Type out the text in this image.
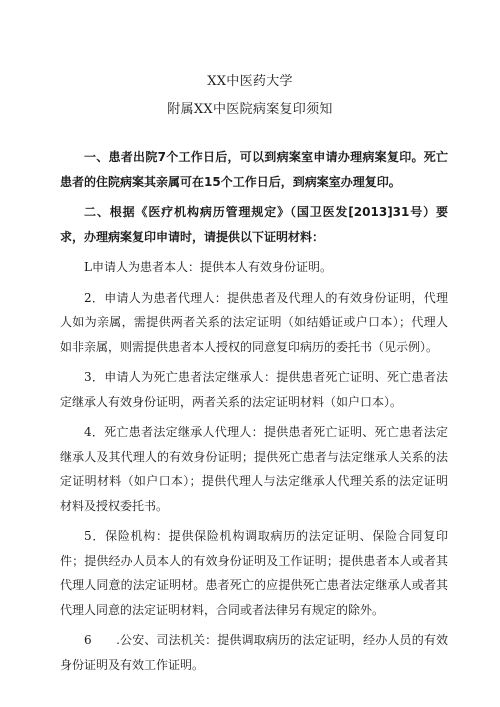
XX中医药大学
附属XX中医院病案复印须知

一、患者出院7个工作日后，可以到病案室申请办理病案复印。死亡患者的住院病案其亲属可在15个工作日后，到病案室办理复印。

二、根据《医疗机构病历管理规定》（国卫医发[2013]31号）要求，办理病案复印申请时，请提供以下证明材料：

L申请人为患者本人：提供本人有效身份证明。

2．申请人为患者代理人：提供患者及代理人的有效身份证明，代理人如为亲属，需提供两者关系的法定证明（如结婚证或户口本）；代理人如非亲属，则需提供患者本人授权的同意复印病历的委托书（见示例）。

3．申请人为死亡患者法定继承人：提供患者死亡证明、死亡患者法定继承人有效身份证明，两者关系的法定证明材料（如户口本）。

4．死亡患者法定继承人代理人：提供患者死亡证明、死亡患者法定继承人及其代理人的有效身份证明；提供死亡患者与法定继承人关系的法定证明材料（如户口本）；提供代理人与法定继承人代理关系的法定证明材料及授权委托书。

5．保险机构：提供保险机构调取病历的法定证明、保险合同复印件；提供经办人员本人的有效身份证明及工作证明；提供患者本人或者其代理人同意的法定证明材。患者死亡的应提供死亡患者法定继承人或者其代理人同意的法定证明材料，合同或者法律另有规定的除外。

6　　.公安、司法机关：提供调取病历的法定证明，经办人员的有效身份证明及有效工作证明。
